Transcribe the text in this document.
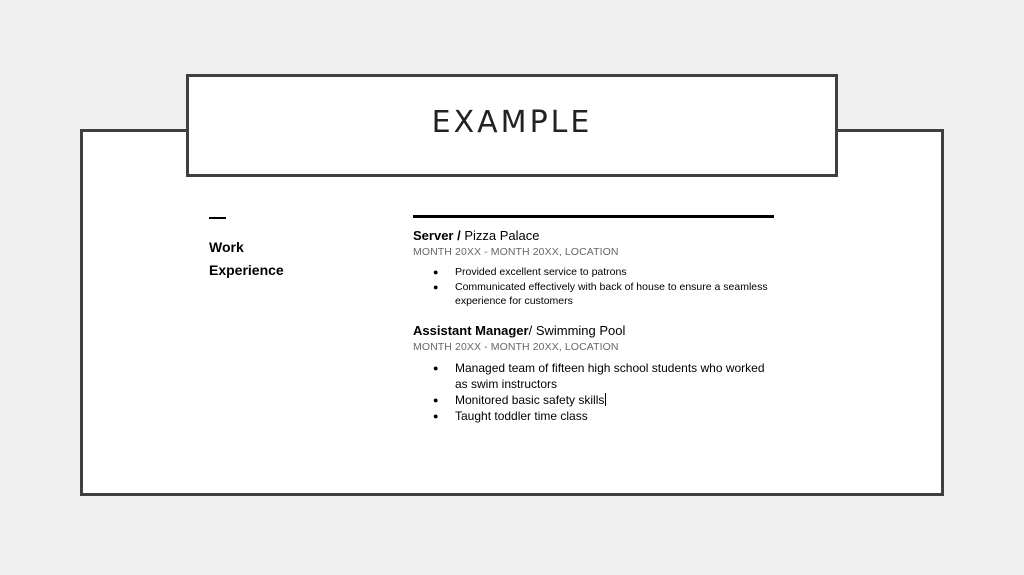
EXAMPLE
Work
Experience
Server / Pizza Palace
MONTH 20XX - MONTH 20XX, LOCATION
● Provided excellent service to patrons
● Communicated effectively with back of house to ensure a seamless experience for customers
Assistant Manager/ Swimming Pool
MONTH 20XX - MONTH 20XX, LOCATION
● Managed team of fifteen high school students who worked as swim instructors
● Monitored basic safety skills
● Taught toddler time class
